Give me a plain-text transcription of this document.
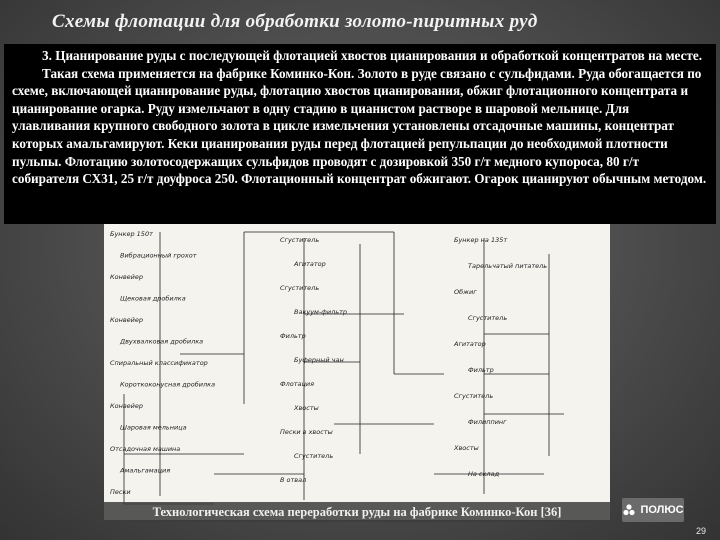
Схемы флотации для обработки золото-пиритных руд

3. Цианирование руды с последующей флотацией хвостов цианирования и обработкой концентратов на месте.

Такая схема применяется на фабрике Коминко-Кон. Золото в руде связано с сульфидами. Руда обогащается по схеме, включающей цианирование руды, флотацию хвостов цианирования, обжиг флотационного концентрата и цианирование огарка. Руду измельчают в одну стадию в цианистом растворе в шаровой мельнице. Для улавливания крупного свободного золота в цикле измельчения установлены отсадочные машины, концентрат которых амальгамируют. Кеки цианирования руды перед флотацией репульпации до необходимой плотности пульпы. Флотацию золотосодержащих сульфидов проводят с дозировкой 350 г/т медного купороса, 80 г/т собирателя СХ31, 25 г/т доуфроса 250. Флотационный концентрат обжигают. Огарок цианируют обычным методом.

Бункер 150т
Вибрационный грохот
Конвейер
Щековая дробилка
Конвейер
Двухвалковая дробилка
Спиральный классификатор
Короткоконусная дробилка
Конвейер
Шаровая мельница
Отсадочная машина
Амальгамация
Пески
Сгуститель
Агитатор
Сгуститель
Вакуум-фильтр
Фильтр
Буферный чан
Флотация
Хвосты
Пески в хвосты
Сгуститель
В отвал
Бункер на 135т
Тарельчатый питатель
Обжиг
Сгуститель
Агитатор
Фильтр
Сгуститель
Филиппинг
Хвосты
На склад
Технологическая схема переработки руды на фабрике Коминко-Кон [36]	ПОЛЮС
29
